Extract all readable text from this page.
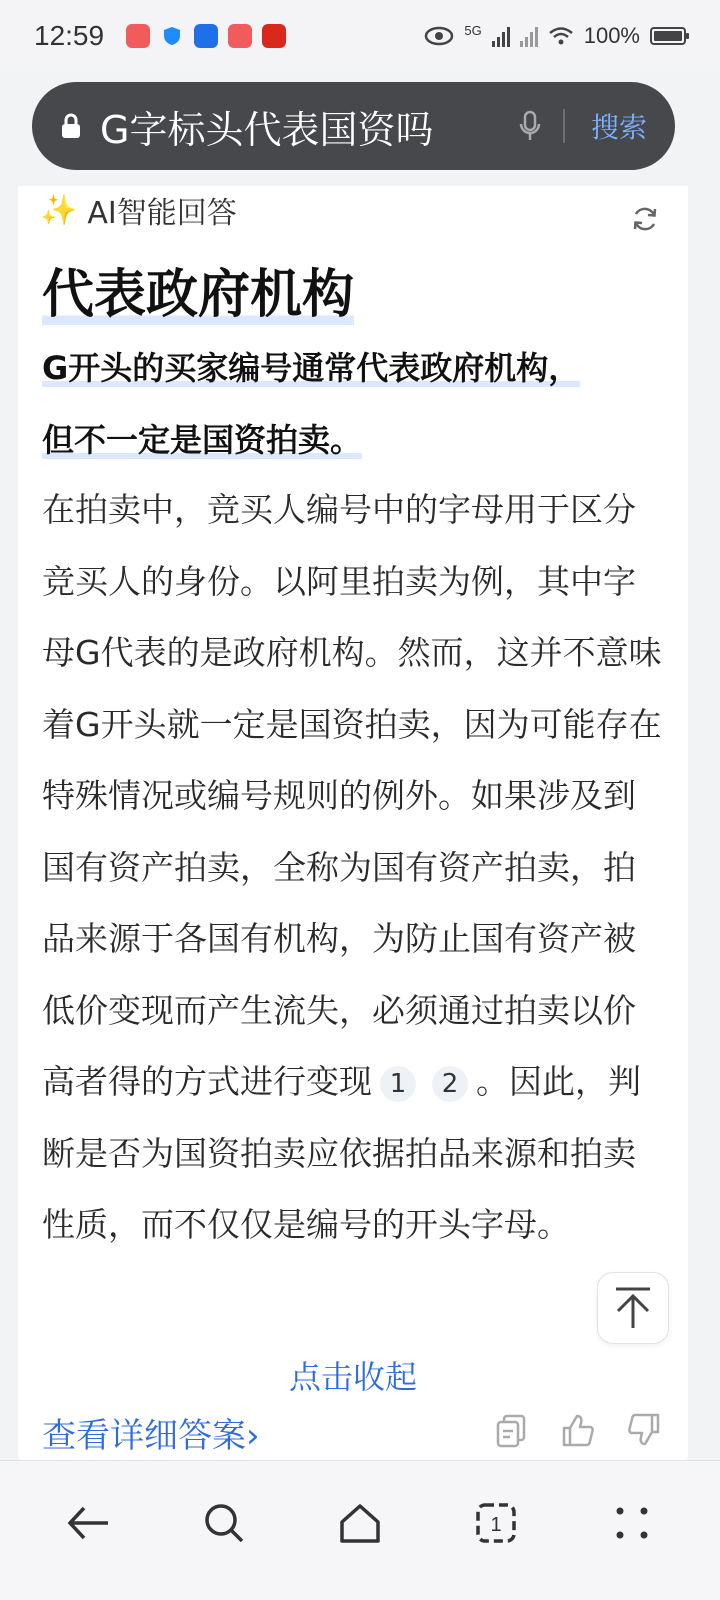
12:59	5G	100%
G字标头代表国资吗	搜索
✨ AI智能回答
代表政府机构
G开头的买家编号通常代表政府机构，
但不一定是国资拍卖。
在拍卖中，竞买人编号中的字母用于区分竞买人的身份。以阿里拍卖为例，其中字母G代表的是政府机构。然而，这并不意味着G开头就一定是国资拍卖，因为可能存在特殊情况或编号规则的例外。如果涉及到国有资产拍卖，全称为国有资产拍卖，拍品来源于各国有机构，为防止国有资产被低价变现而产生流失，必须通过拍卖以价高者得的方式进行变现 1 2 。因此，判断是否为国资拍卖应依据拍品来源和拍卖性质，而不仅仅是编号的开头字母。
点击收起
查看详细答案›
1
